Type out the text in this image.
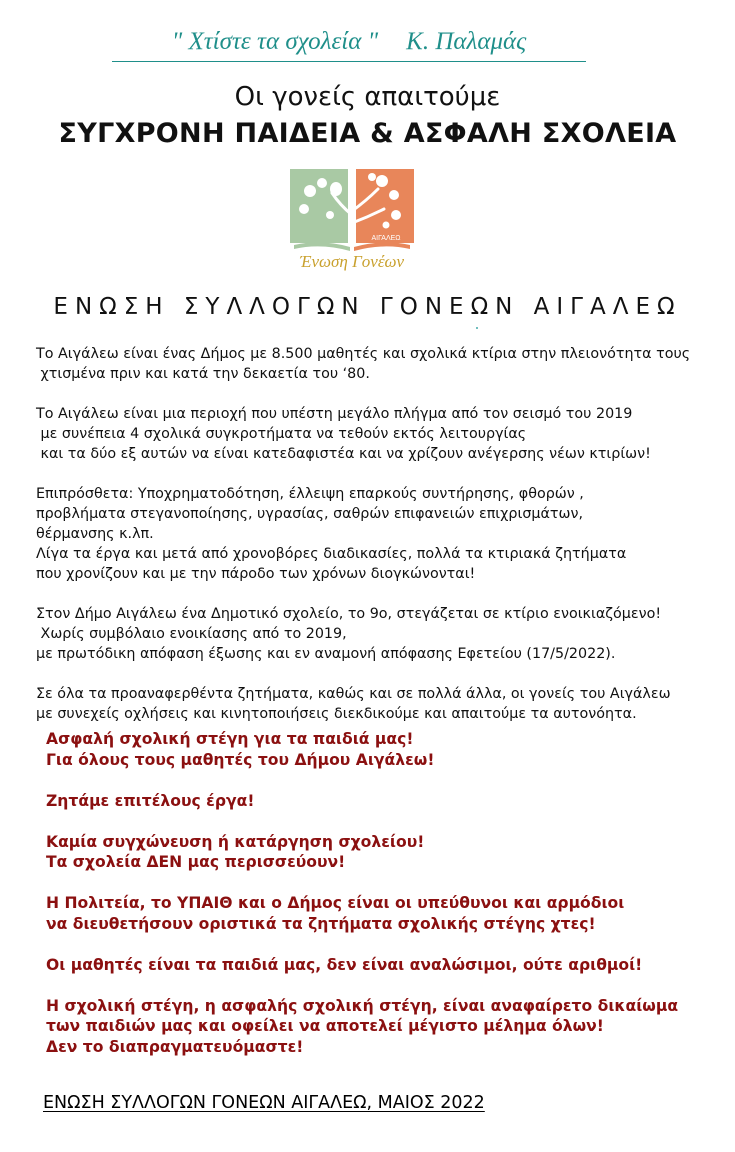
" Χτίστε τα σχολεία " Κ. Παλαμάς
Οι γονείς απαιτούμε
ΣΥΓΧΡΟΝΗ ΠΑΙΔΕΙΑ & ΑΣΦΑΛΗ ΣΧΟΛΕΙΑ
ΑΙΓΑΛΕΩ
Ένωση Γονέων
ΕΝΩΣΗ ΣΥΛΛΟΓΩΝ ΓΟΝΕΩΝ ΑΙΓΑΛΕΩ
Το Αιγάλεω είναι ένας Δήμος με 8.500 μαθητές και σχολικά κτίρια στην πλειονότητα τους
χτισμένα πριν και κατά την δεκαετία του ‘80.
Το Αιγάλεω είναι μια περιοχή που υπέστη μεγάλο πλήγμα από τον σεισμό του 2019
με συνέπεια 4 σχολικά συγκροτήματα να τεθούν εκτός λειτουργίας
και τα δύο εξ αυτών να είναι κατεδαφιστέα και να χρίζουν ανέγερσης νέων κτιρίων!
Επιπρόσθετα: Υποχρηματοδότηση, έλλειψη επαρκούς συντήρησης, φθορών ,
προβλήματα στεγανοποίησης, υγρασίας, σαθρών επιφανειών επιχρισμάτων,
θέρμανσης κ.λπ.
Λίγα τα έργα και μετά από χρονοβόρες διαδικασίες, πολλά τα κτιριακά ζητήματα
που χρονίζουν και με την πάροδο των χρόνων διογκώνονται!
Στον Δήμο Αιγάλεω ένα Δημοτικό σχολείο, το 9ο, στεγάζεται σε κτίριο ενοικιαζόμενο!
Χωρίς συμβόλαιο ενοικίασης από το 2019,
με πρωτόδικη απόφαση έξωσης και εν αναμονή απόφασης Εφετείου (17/5/2022).
Σε όλα τα προαναφερθέντα ζητήματα, καθώς και σε πολλά άλλα, οι γονείς του Αιγάλεω
με συνεχείς οχλήσεις και κινητοποιήσεις διεκδικούμε και απαιτούμε τα αυτονόητα.
Ασφαλή σχολική στέγη για τα παιδιά μας!
Για όλους τους μαθητές του Δήμου Αιγάλεω!
Ζητάμε επιτέλους έργα!
Καμία συγχώνευση ή κατάργηση σχολείου!
Τα σχολεία ΔΕΝ μας περισσεύουν!
Η Πολιτεία, το ΥΠΑΙΘ και ο Δήμος είναι οι υπεύθυνοι και αρμόδιοι
να διευθετήσουν οριστικά τα ζητήματα σχολικής στέγης χτες!
Οι μαθητές είναι τα παιδιά μας, δεν είναι αναλώσιμοι, ούτε αριθμοί!
Η σχολική στέγη, η ασφαλής σχολική στέγη, είναι αναφαίρετο δικαίωμα
των παιδιών μας και οφείλει να αποτελεί μέγιστο μέλημα όλων!
Δεν το διαπραγματευόμαστε!
ΕΝΩΣΗ ΣΥΛΛΟΓΩΝ ΓΟΝΕΩΝ ΑΙΓΑΛΕΩ, ΜΑΙΟΣ 2022
